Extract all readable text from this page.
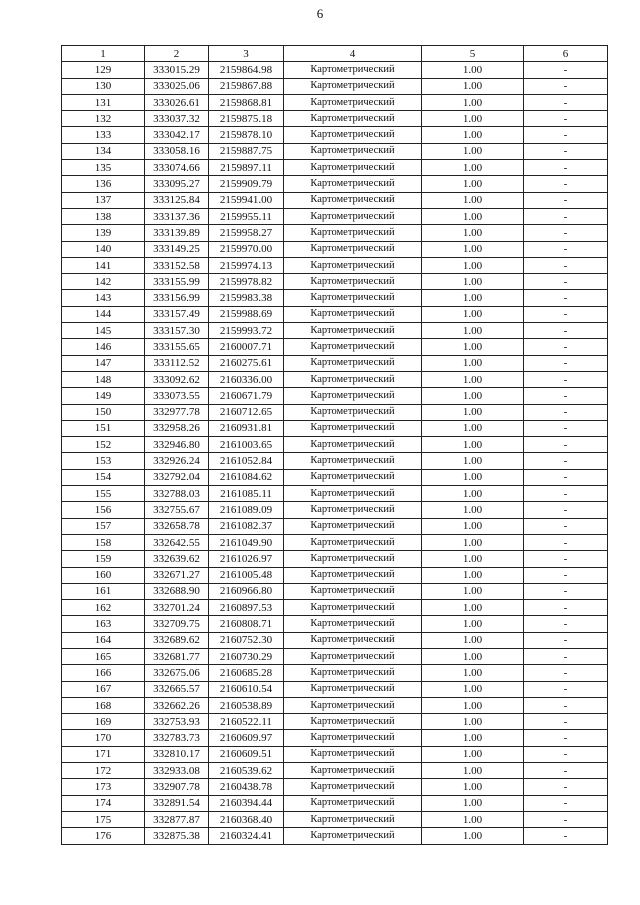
6
1	2	3	4	5	6
129	333015.29	2159864.98	Картометрический	1.00	-
130	333025.06	2159867.88	Картометрический	1.00	-
131	333026.61	2159868.81	Картометрический	1.00	-
132	333037.32	2159875.18	Картометрический	1.00	-
133	333042.17	2159878.10	Картометрический	1.00	-
134	333058.16	2159887.75	Картометрический	1.00	-
135	333074.66	2159897.11	Картометрический	1.00	-
136	333095.27	2159909.79	Картометрический	1.00	-
137	333125.84	2159941.00	Картометрический	1.00	-
138	333137.36	2159955.11	Картометрический	1.00	-
139	333139.89	2159958.27	Картометрический	1.00	-
140	333149.25	2159970.00	Картометрический	1.00	-
141	333152.58	2159974.13	Картометрический	1.00	-
142	333155.99	2159978.82	Картометрический	1.00	-
143	333156.99	2159983.38	Картометрический	1.00	-
144	333157.49	2159988.69	Картометрический	1.00	-
145	333157.30	2159993.72	Картометрический	1.00	-
146	333155.65	2160007.71	Картометрический	1.00	-
147	333112.52	2160275.61	Картометрический	1.00	-
148	333092.62	2160336.00	Картометрический	1.00	-
149	333073.55	2160671.79	Картометрический	1.00	-
150	332977.78	2160712.65	Картометрический	1.00	-
151	332958.26	2160931.81	Картометрический	1.00	-
152	332946.80	2161003.65	Картометрический	1.00	-
153	332926.24	2161052.84	Картометрический	1.00	-
154	332792.04	2161084.62	Картометрический	1.00	-
155	332788.03	2161085.11	Картометрический	1.00	-
156	332755.67	2161089.09	Картометрический	1.00	-
157	332658.78	2161082.37	Картометрический	1.00	-
158	332642.55	2161049.90	Картометрический	1.00	-
159	332639.62	2161026.97	Картометрический	1.00	-
160	332671.27	2161005.48	Картометрический	1.00	-
161	332688.90	2160966.80	Картометрический	1.00	-
162	332701.24	2160897.53	Картометрический	1.00	-
163	332709.75	2160808.71	Картометрический	1.00	-
164	332689.62	2160752.30	Картометрический	1.00	-
165	332681.77	2160730.29	Картометрический	1.00	-
166	332675.06	2160685.28	Картометрический	1.00	-
167	332665.57	2160610.54	Картометрический	1.00	-
168	332662.26	2160538.89	Картометрический	1.00	-
169	332753.93	2160522.11	Картометрический	1.00	-
170	332783.73	2160609.97	Картометрический	1.00	-
171	332810.17	2160609.51	Картометрический	1.00	-
172	332933.08	2160539.62	Картометрический	1.00	-
173	332907.78	2160438.78	Картометрический	1.00	-
174	332891.54	2160394.44	Картометрический	1.00	-
175	332877.87	2160368.40	Картометрический	1.00	-
176	332875.38	2160324.41	Картометрический	1.00	-
